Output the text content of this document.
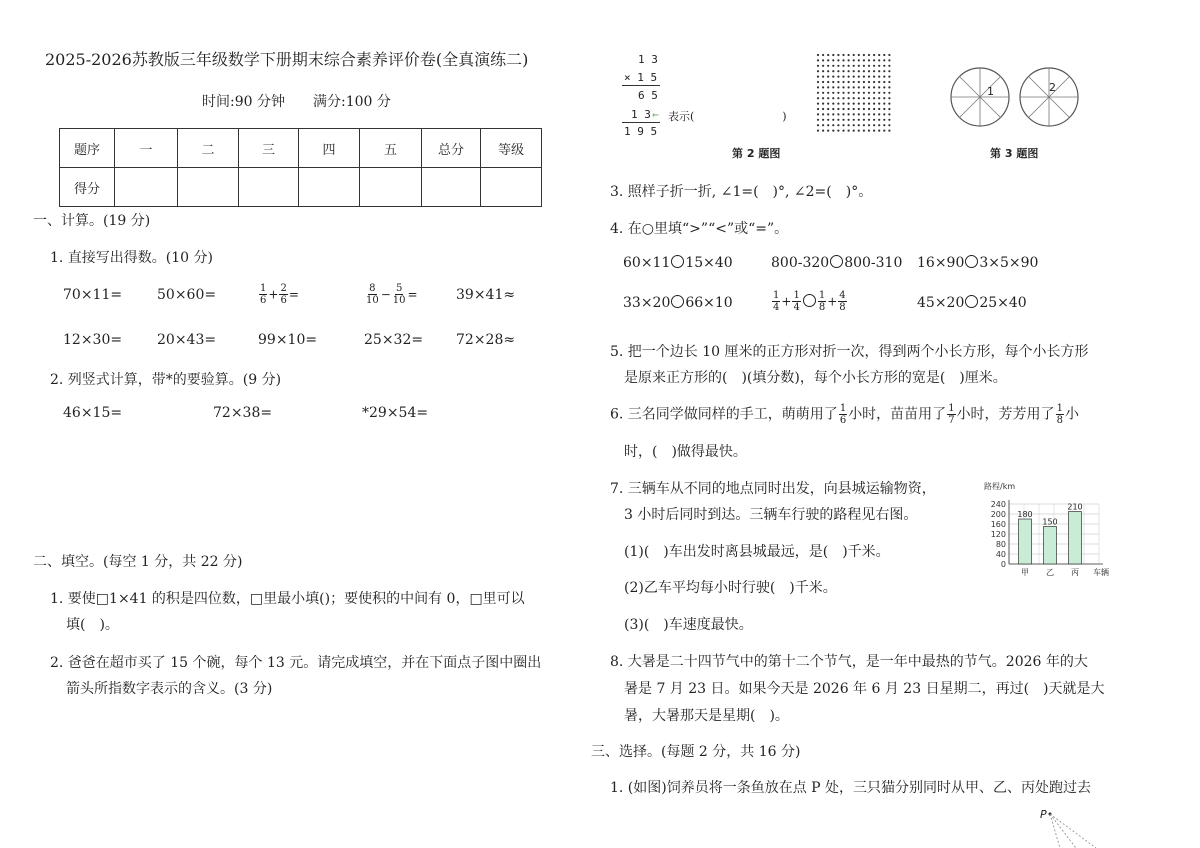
2025-2026苏教版三年级数学下册期末综合素养评价卷(全真演练二)
时间:90 分钟 满分:100 分
题序	一	二	三	四	五	总分	等级
得分							
一、计算。(19 分)
1. 直接写出得数。(10 分)
70×11= 50×60=	$\frac{1}{6} + \frac{2}{6}$ =	$\frac{8}{10} - \frac{5}{10}$ =	39×41≈
12×30= 20×43=	99×10=	25×32= 72×28≈
2. 列竖式计算，带*的要验算。(9 分)
46×15=	72×38=	*29×54=
二、填空。(每空 1 分，共 22 分)
1. 要使□1×41 的积是四位数，□里最小填()；要使积的中间有 0，□里可以
填(　)。
2. 爸爸在超市买了 15 个碗，每个 13 元。请完成填空，并在下面点子图中圈出
箭头所指数字表示的含义。(3 分)
1 3
× 1 5
6 5
1 3
1 9 5
← 表示(　　　　　　　　)
第 2 题图
1	2
第 3 题图
3. 照样子折一折, ∠1=(　)°, ∠2=(　)°。
4. 在○里填“>”“<”或“=”。
60×11 15×40	800-320 800-310 16×90 3×5×90
33×20 66×10	$\frac{1}{4} + \frac{1}{4} \frac{1}{8} + \frac{4}{8}$	45×20 25×40
5. 把一个边长 10 厘米的正方形对折一次，得到两个小长方形，每个小长方形
是原来正方形的(　)(填分数)，每个小长方形的宽是(　)厘米。
6. 三名同学做同样的手工，萌萌用了 $\frac{1}{6}$ 小时，苗苗用了 $\frac{1}{7}$ 小时，芳芳用了 $\frac{1}{8}$ 小
时，(　)做得最快。
7. 三辆车从不同的地点同时出发，向县城运输物资，
3 小时后同时到达。三辆车行驶的路程见右图。
(1)(　)车出发时离县城最远，是(　)千米。
(2)乙车平均每小时行驶(　)千米。
(3)(　)车速度最快。
路程/km
0
40
80
120
160
200
240
180
甲
150
乙
210
丙 车辆
8. 大暑是二十四节气中的第十二个节气，是一年中最热的节气。2026 年的大
暑是 7 月 23 日。如果今天是 2026 年 6 月 23 日星期二，再过(　)天就是大
暑，大暑那天是星期(　)。
三、选择。(每题 2 分，共 16 分)
1. (如图)饲养员将一条鱼放在点 P 处，三只猫分别同时从甲、乙、丙处跑过去
P
